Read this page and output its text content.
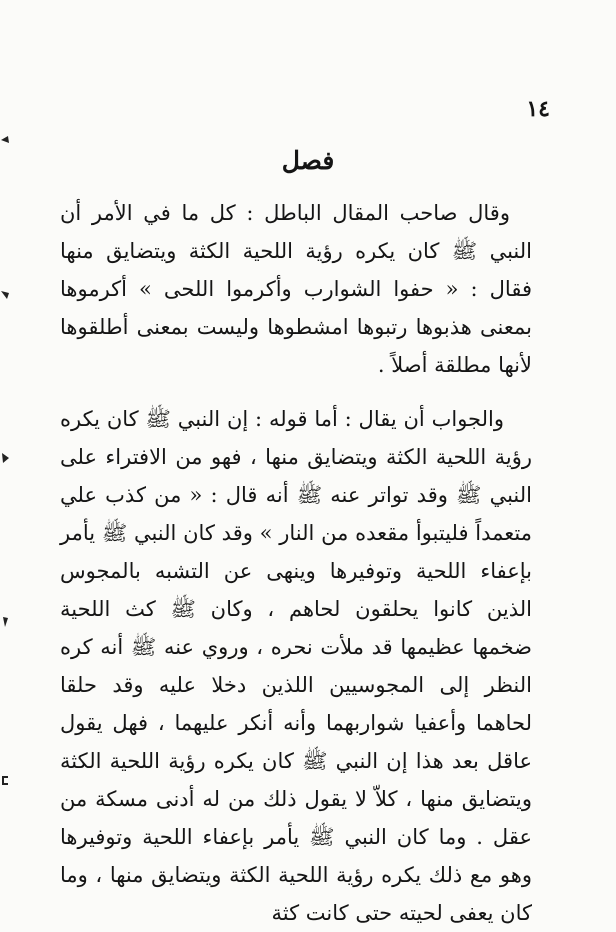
١٤
فصل

وقال صاحب المقال الباطل : كل ما في الأمر أن النبي ﷺ كان يكره رؤية اللحية الكثة ويتضايق منها فقال : « حفوا الشوارب وأكرموا اللحى » أكرموها بمعنى هذبوها رتبوها امشطوها وليست بمعنى أطلقوها لأنها مطلقة أصلاً .

والجواب أن يقال : أما قوله : إن النبي ﷺ كان يكره رؤية اللحية الكثة ويتضايق منها ، فهو من الافتراء على النبي ﷺ وقد تواتر عنه ﷺ أنه قال : « من كذب علي متعمداً فليتبوأ مقعده من النار » وقد كان النبي ﷺ يأمر بإعفاء اللحية وتوفيرها وينهى عن التشبه بالمجوس الذين كانوا يحلقون لحاهم ، وكان ﷺ كث اللحية ضخمها عظيمها قد ملأت نحره ، وروي عنه ﷺ أنه كره النظر إلى المجوسيين اللذين دخلا عليه وقد حلقا لحاهما وأعفيا شواربهما وأنه أنكر عليهما ، فهل يقول عاقل بعد هذا إن النبي ﷺ كان يكره رؤية اللحية الكثة ويتضايق منها ، كلاّ لا يقول ذلك من له أدنى مسكة من عقل . وما كان النبي ﷺ يأمر بإعفاء اللحية وتوفيرها وهو مع ذلك يكره رؤية اللحية الكثة ويتضايق منها ، وما كان يعفى لحيته حتى كانت كثة
